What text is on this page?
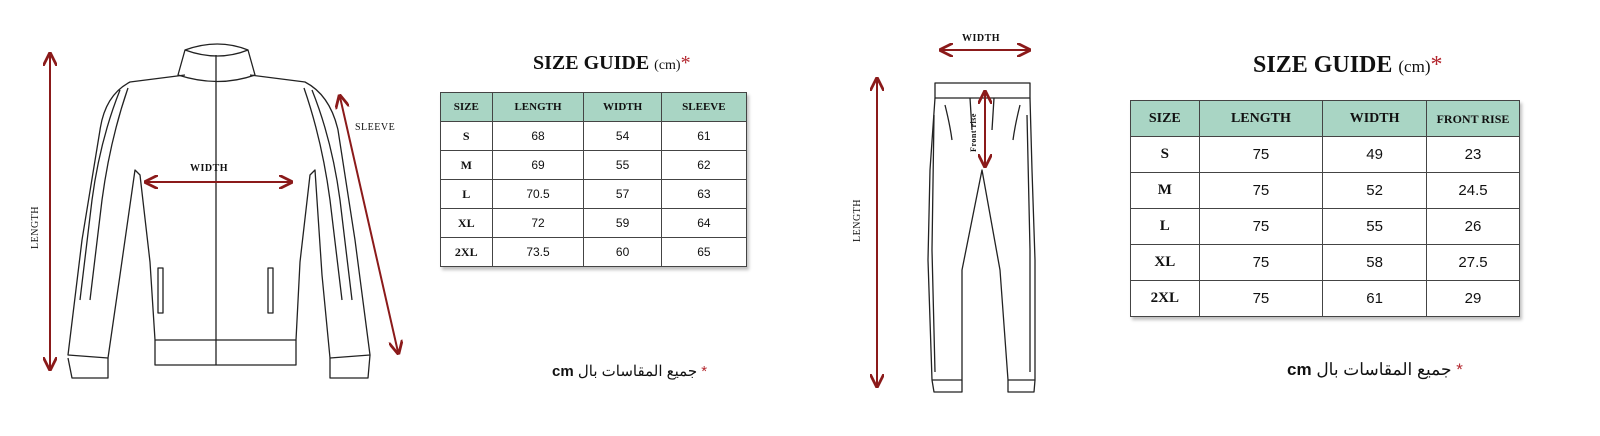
LENGTH
WIDTH
SLEEVE
SIZE GUIDE (cm)*
SIZE	LENGTH	WIDTH	SLEEVE
S	68	54	61
M	69	55	62
L	70.5	57	63
XL	72	59	64
2XL	73.5	60	65
cm جميع المقاسات بال *
WIDTH
LENGTH
Front rise
SIZE GUIDE (cm)*
SIZE	LENGTH	WIDTH	FRONT RISE
S	75	49	23
M	75	52	24.5
L	75	55	26
XL	75	58	27.5
2XL	75	61	29
cm جميع المقاسات بال *
